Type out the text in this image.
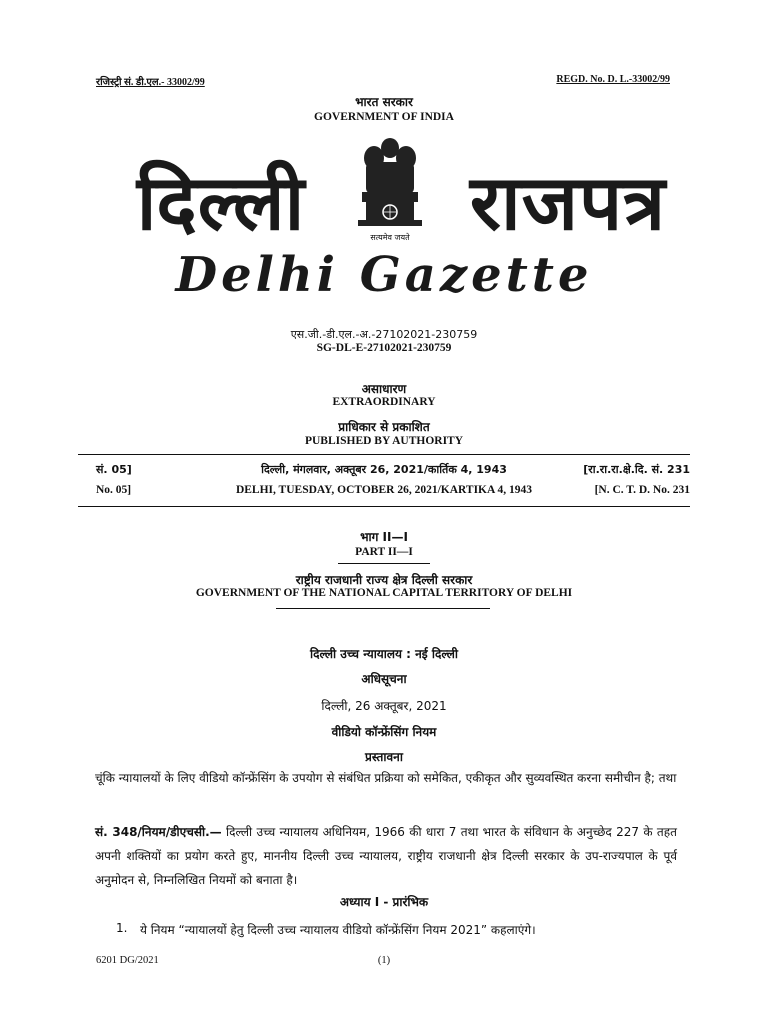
रजिस्ट्री सं. डी.एल.- 33002/99	REGD. No. D. L.-33002/99
भारत सरकार
GOVERNMENT OF INDIA
दिल्ली	सत्यमेव जयते राजपत्र
Delhi Gazette
एस.जी.-डी.एल.-अ.-27102021-230759
SG-DL-E-27102021-230759
असाधारण
EXTRAORDINARY
प्राधिकार से प्रकाशित
PUBLISHED BY AUTHORITY
सं. 05]	दिल्ली, मंगलवार, अक्तूबर 26, 2021/कार्तिक 4, 1943	[रा.रा.रा.क्षे.दि. सं. 231
No. 05]	DELHI, TUESDAY, OCTOBER 26, 2021/KARTIKA 4, 1943	[N. C. T. D. No. 231
भाग II—I
PART II—I
राष्ट्रीय राजधानी राज्य क्षेत्र दिल्ली सरकार
GOVERNMENT OF THE NATIONAL CAPITAL TERRITORY OF DELHI
दिल्ली उच्च न्यायालय : नई दिल्ली
अधिसूचना
दिल्ली, 26 अक्तूबर, 2021
वीडियो कॉन्फ्रेंसिंग नियम
प्रस्तावना
चूंकि न्यायालयों के लिए वीडियो कॉन्फ्रेंसिंग के उपयोग से संबंधित प्रक्रिया को समेकित, एकीकृत और सुव्यवस्थित करना समीचीन है; तथा
सं. 348/नियम/डीएचसी.— दिल्ली उच्च न्यायालय अधिनियम, 1966 की धारा 7 तथा भारत के संविधान के अनुच्छेद 227 के तहत अपनी शक्तियों का प्रयोग करते हुए, माननीय दिल्ली उच्च न्यायालय, राष्ट्रीय राजधानी क्षेत्र दिल्ली सरकार के उप-राज्यपाल के पूर्व अनुमोदन से, निम्नलिखित नियमों को बनाता है।
अध्याय I - प्रारंभिक
1. ये नियम “न्यायालयों हेतु दिल्ली उच्च न्यायालय वीडियो कॉन्फ्रेंसिंग नियम 2021” कहलाएंगे।
6201 DG/2021	(1)
